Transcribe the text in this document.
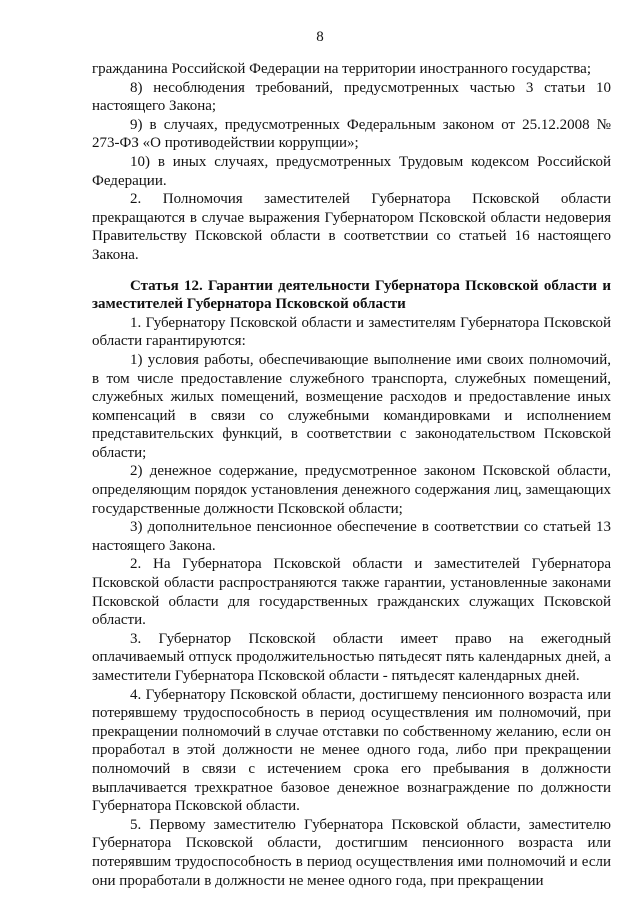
8

гражданина Российской Федерации на территории иностранного государства;

8) несоблюдения требований, предусмотренных частью 3 статьи 10 настоящего Закона;

9) в случаях, предусмотренных Федеральным законом от 25.12.2008 № 273-ФЗ «О противодействии коррупции»;

10) в иных случаях, предусмотренных Трудовым кодексом Российской Федерации.

2. Полномочия заместителей Губернатора Псковской области прекращаются в случае выражения Губернатором Псковской области недоверия Правительству Псковской области в соответствии со статьей 16 настоящего Закона.

Статья 12. Гарантии деятельности Губернатора Псковской области и заместителей Губернатора Псковской области

1. Губернатору Псковской области и заместителям Губернатора Псковской области гарантируются:

1) условия работы, обеспечивающие выполнение ими своих полномочий, в том числе предоставление служебного транспорта, служебных помещений, служебных жилых помещений, возмещение расходов и предоставление иных компенсаций в связи со служебными командировками и исполнением представительских функций, в соответствии с законодательством Псковской области;

2) денежное содержание, предусмотренное законом Псковской области, определяющим порядок установления денежного содержания лиц, замещающих государственные должности Псковской области;

3) дополнительное пенсионное обеспечение в соответствии со статьей 13 настоящего Закона.

2. На Губернатора Псковской области и заместителей Губернатора Псковской области распространяются также гарантии, установленные законами Псковской области для государственных гражданских служащих Псковской области.

3. Губернатор Псковской области имеет право на ежегодный оплачиваемый отпуск продолжительностью пятьдесят пять календарных дней, а заместители Губернатора Псковской области - пятьдесят календарных дней.

4. Губернатору Псковской области, достигшему пенсионного возраста или потерявшему трудоспособность в период осуществления им полномочий, при прекращении полномочий в случае отставки по собственному желанию, если он проработал в этой должности не менее одного года, либо при прекращении полномочий в связи с истечением срока его пребывания в должности выплачивается трехкратное базовое денежное вознаграждение по должности Губернатора Псковской области.

5. Первому заместителю Губернатора Псковской области, заместителю Губернатора Псковской области, достигшим пенсионного возраста или потерявшим трудоспособность в период осуществления ими полномочий и если они проработали в должности не менее одного года, при прекращении
